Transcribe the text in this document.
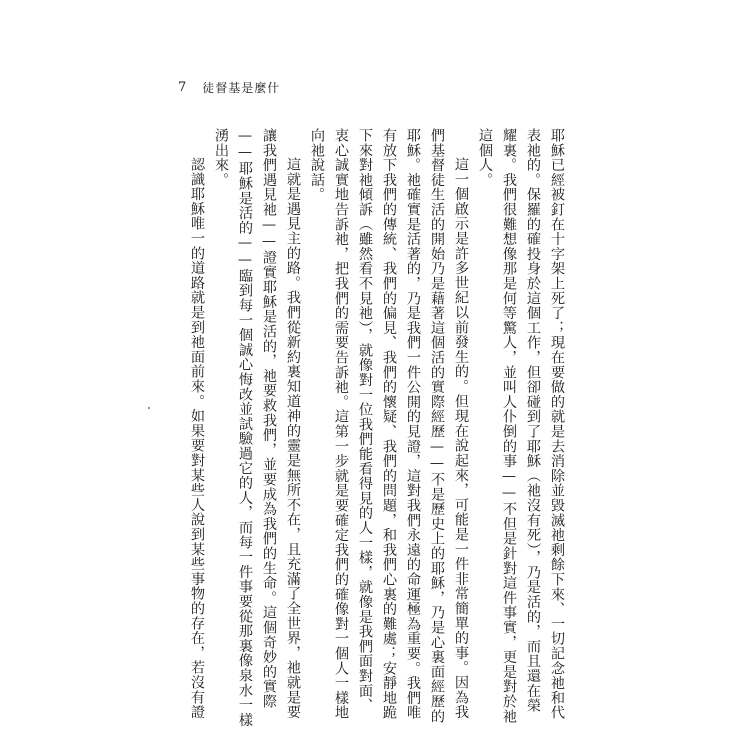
7 徒督基是麼什
耶穌已經被釘在十字架上死了；現在要做的就是去消除並毀滅祂剩餘下來、一切記念祂和代
表祂的。保羅的確投身於這個工作，但卻碰到了耶穌（祂沒有死），乃是活的，而且還在榮
耀裏。我們很難想像那是何等驚人，並叫人仆倒的事——不但是針對這件事實，更是對於祂
這個人。
這一個啟示是許多世紀以前發生的。但現在說起來，可能是一件非常簡單的事。因為我
們基督徒生活的開始乃是藉著這個活的實際經歷——不是歷史上的耶穌，乃是心裏面經歷的
耶穌。祂確實是活著的，乃是我們一件公開的見證，這對我們永遠的命運極為重要。我們唯
有放下我們的傳統、我們的偏見、我們的懷疑、我們的問題，和我們心裏的難處；安靜地跪
下來對祂傾訴（雖然看不見祂），就像對一位我們能看得見的人一樣，就像是我們面對面、
衷心誠實地告訴祂，把我們的需要告訴祂。這第一步就是要確定我們的確像對一個人一樣地
向祂說話。
這就是遇見主的路。我們從新約裏知道神的靈是無所不在，且充滿了全世界，祂就是要
讓我們遇見祂——證實耶穌是活的，祂要救我們，並要成為我們的生命。這個奇妙的實際
——耶穌是活的——臨到每一個誠心悔改並試驗過它的人，而每一件事要從那裏像泉水一樣
湧出來。
認識耶穌唯一的道路就是到祂面前來。如果要對某些人說到某些事物的存在，若沒有證
